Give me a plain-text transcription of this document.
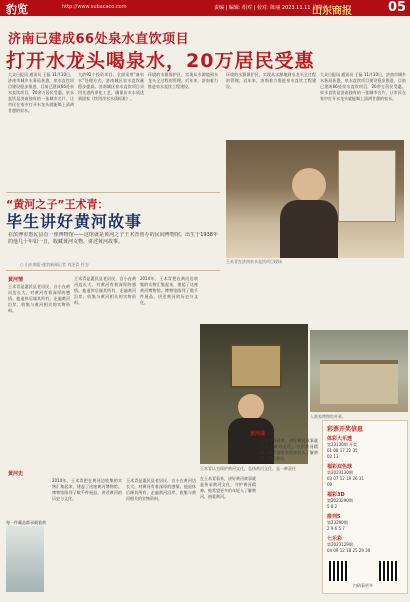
豹览	http://www.subacaco.com	责编 | 编辑: 组对 | 校对: 陈丽 2023.11.11 星期六 五
山东商报	05
济南已建成66处泉水直饮项目
打开水龙头喝泉水，20万居民受惠

大众日报讯 通讯员 王磊 11月10日，济南市城乡水务局获悉，泉水直饮项目建设稳步推进，目前已建成66处泉水直饮项目，20余万居民受惠。泉水直饮是济南独有的一张城市名片，让市民在家中打开水龙头就能喝上清冽甘甜的泉水。

大约92个投资项目，全部采用“备泉水”处理方式，济南城区泉水直饮量稳步提高。济南城区泉水直饮项目采用先进的净化工艺，确保出水水质达到国家《饮用净水水质标准》。

环境的水源保护区，实现从水源地到水龙头全过程的管理。近年来，济南着力推进泉水直饮工程建设。

环境的水源保护区，实现从水源地到水龙头全过程的管理。近年来，济南着力推进泉水直饮工程建设。

大众日报讯 通讯员 王磊 11月10日，济南市城乡水务局获悉，泉水直饮项目建设稳步推进，目前已建成66处泉水直饮项目，20余万居民受惠。泉水直饮是济南独有的一张城市名片，让市民在家中打开水龙头就能喝上清冽甘甜的泉水。

王术青在济南泉水直饮项目现场
“黄河之子”王术青：
毕生讲好黄河故事

在滨博市惠民县有一座博物馆——这馆就是黄河之子王术青创办的民间博物馆。出生于1938年的他几十年如一日，收藏黄河文物、讲述黄河故事。

○ 山东商报·速豹新闻记者 刘芝青 任为
黄河情

王术青是惠民县老居民，自小在黄河边长大，对黄河有着深厚的感情。他退休后倾其所有，走遍黄河沿岸，收集与黄河相关的实物资料。

王术青是惠民县老居民，自小在黄河边长大，对黄河有着深厚的感情。他退休后倾其所有，走遍黄河沿岸，收集与黄河相关的实物资料。

2014年，王术青把在黄河边收集的实物汇集起来，建起了这座黄河博物馆。博物馆陈列了数千件展品，讲述黄河的历史与文化。

王术青认为保护黄河文化，弘扬黄河文化，是一种责任
入淮家博物馆外景。
黄河史

2014年，王术青把在黄河边收集的实物汇集起来，建起了这座黄河博物馆。博物馆陈列了数千件展品，讲述黄河的历史与文化。

王术青是惠民县老居民，自小在黄河边长大，对黄河有着深厚的感情。他退休后倾其所有，走遍黄河沿岸，收集与黄河相关的实物资料。

黄河魂

在王术青看来，讲好黄河故事就是传承黄河文化，守护黄河精神。他希望更多的年轻人了解黄河、热爱黄河。

在王术青看来，讲好黄河故事就是传承黄河文化，守护黄河精神。他希望更多的年轻人了解黄河、热爱黄河。

每一件藏品都承载着黄
彩票开奖信息
体彩大乐透
第23130期 开奖
01 08 17 22 35
02 11
福彩双色球
第2023130期
03 07 12 19 26 31
09
福彩3D
第2023290期
5 8 2
排列5
第23290期
2 9 6 5 7
七乐彩
第2023129期
04 09 12 18 25 29 30
扫码看更多
